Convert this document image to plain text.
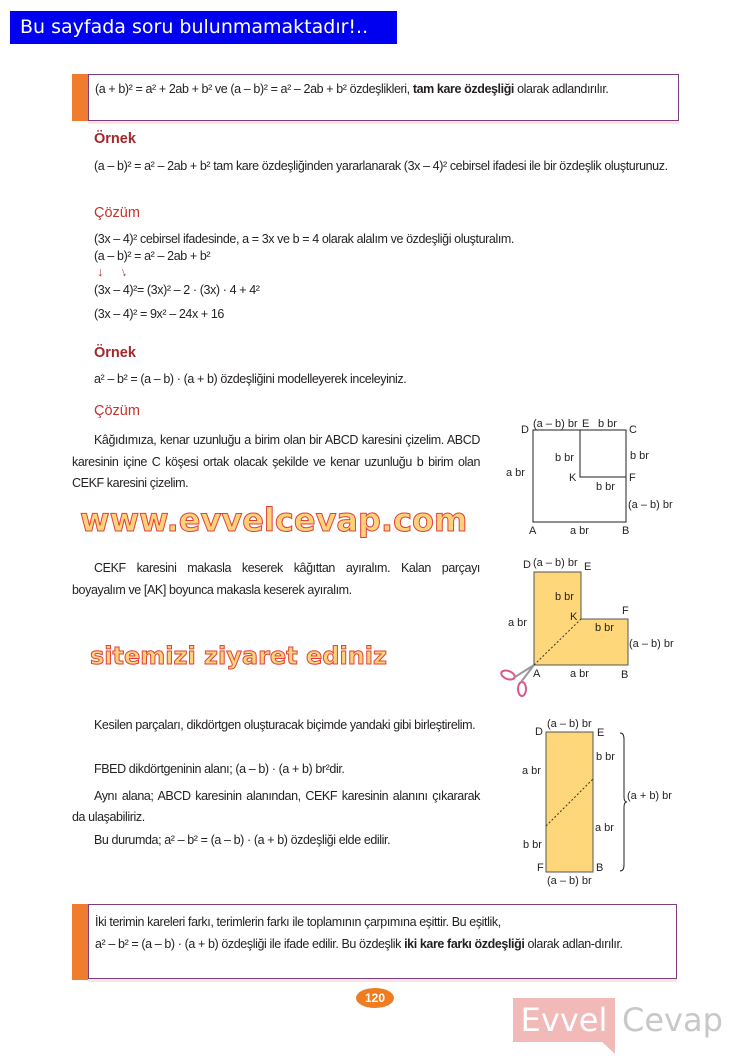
Bu sayfada soru bulunmamaktadır!..
(a + b)² = a² + 2ab + b² ve (a – b)² = a² – 2ab + b² özdeşlikleri, tam kare özdeşliği olarak adlandırılır.
Örnek
(a – b)² = a² – 2ab + b² tam kare özdeşliğinden yararlanarak (3x – 4)² cebirsel ifadesi ile bir özdeşlik oluşturunuz.
Çözüm
(3x – 4)² cebirsel ifadesinde, a = 3x ve b = 4 olarak alalım ve özdeşliği oluşturalım.
(a – b)² = a² – 2ab + b²
↓ ↓
(3x – 4)²= (3x)² – 2 · (3x) · 4 + 4²
(3x – 4)² = 9x² – 24x + 16
Örnek
a² – b² = (a – b) · (a + b) özdeşliğini modelleyerek inceleyiniz.
Çözüm
Kâğıdımıza, kenar uzunluğu a birim olan bir ABCD karesini çizelim. ABCD karesinin içine C köşesi ortak olacak şekilde ve kenar uzunluğu b birim olan CEKF karesini çizelim.
CEKF karesini makasla keserek kâğıttan ayıralım. Kalan parçayı boyayalım ve [AK] boyunca makasla keserek ayıralım.
Kesilen parçaları, dikdörtgen oluşturacak biçimde yandaki gibi birleştirelim.
FBED dikdörtgeninin alanı; (a – b) · (a + b) br²dir.
Aynı alana; ABCD karesinin alanından, CEKF karesinin alanını çıkararak da ulaşabiliriz.
Bu durumda; a² – b² = (a – b) · (a + b) özdeşliği elde edilir.
D (a – b) br E b br C
b br	b br
a br	K	F
b br
(a – b) br
A	a br	B
D (a – b) br E
b br
F
a br	K
b br
(a – b) br
A	a br	B
(a – b) br
D	E
b br
a br
(a + b) br
a br
b br
F	B
(a – b) br
İki terimin kareleri farkı, terimlerin farkı ile toplamının çarpımına eşittir. Bu eşitlik,
a² – b² = (a – b) · (a + b) özdeşliği ile ifade edilir. Bu özdeşlik iki kare farkı özdeşliği olarak adlan-dırılır.
120
www.evvelcevap.com
sitemizi ziyaret ediniz
Evvel Cevap
